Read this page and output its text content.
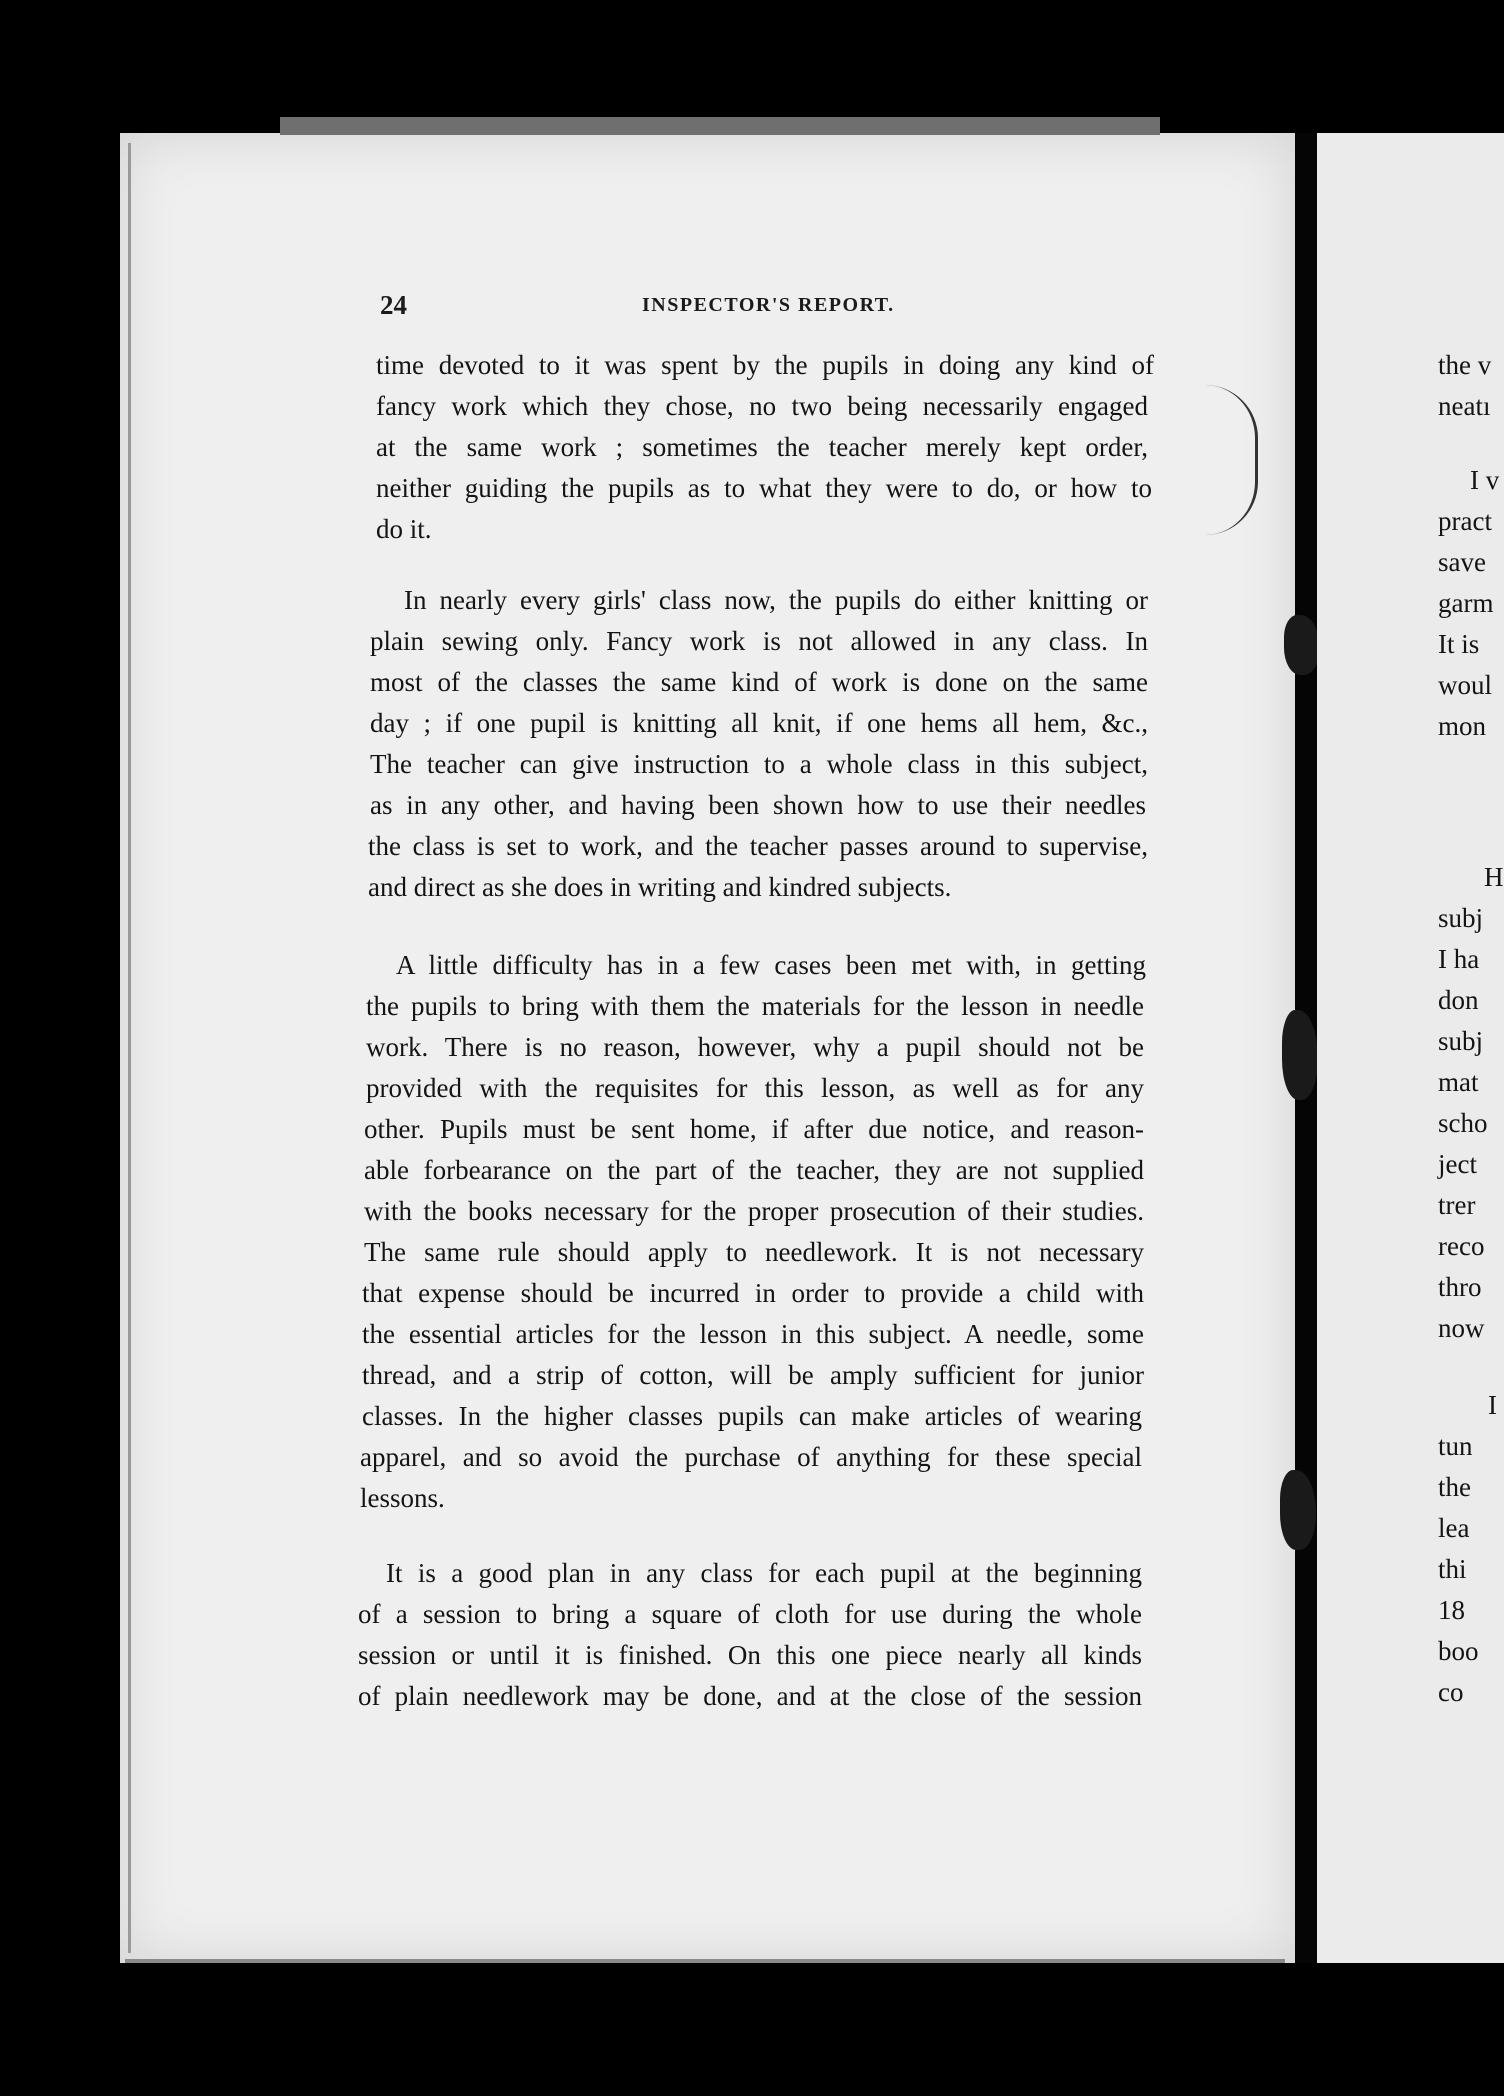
24	INSPECTOR'S REPORT.
time devoted to it was spent by the pupils in doing any kind of
fancy work which they chose, no two being necessarily engaged
at the same work ; sometimes the teacher merely kept order,
neither guiding the pupils as to what they were to do, or how to
do it.
In nearly every girls' class now, the pupils do either knitting or
plain sewing only. Fancy work is not allowed in any class. In
most of the classes the same kind of work is done on the same
day ; if one pupil is knitting all knit, if one hems all hem, &c.,
The teacher can give instruction to a whole class in this subject,
as in any other, and having been shown how to use their needles
the class is set to work, and the teacher passes around to supervise,
and direct as she does in writing and kindred subjects.
A little difficulty has in a few cases been met with, in getting
the pupils to bring with them the materials for the lesson in needle
work. There is no reason, however, why a pupil should not be
provided with the requisites for this lesson, as well as for any
other. Pupils must be sent home, if after due notice, and reason-
able forbearance on the part of the teacher, they are not supplied
with the books necessary for the proper prosecution of their studies.
The same rule should apply to needlework. It is not necessary
that expense should be incurred in order to provide a child with
the essential articles for the lesson in this subject. A needle, some
thread, and a strip of cotton, will be amply sufficient for junior
classes. In the higher classes pupils can make articles of wearing
apparel, and so avoid the purchase of anything for these special
lessons.
It is a good plan in any class for each pupil at the beginning
of a session to bring a square of cloth for use during the whole
session or until it is finished. On this one piece nearly all kinds
of plain needlework may be done, and at the close of the session
the v
neatı
I v
pract
save
garm
It is
woul
mon
H
subj
I ha
don
subj
mat
scho
ject
trer
reco
thro
now
I
tun
the
lea
thi
18
boo
co
